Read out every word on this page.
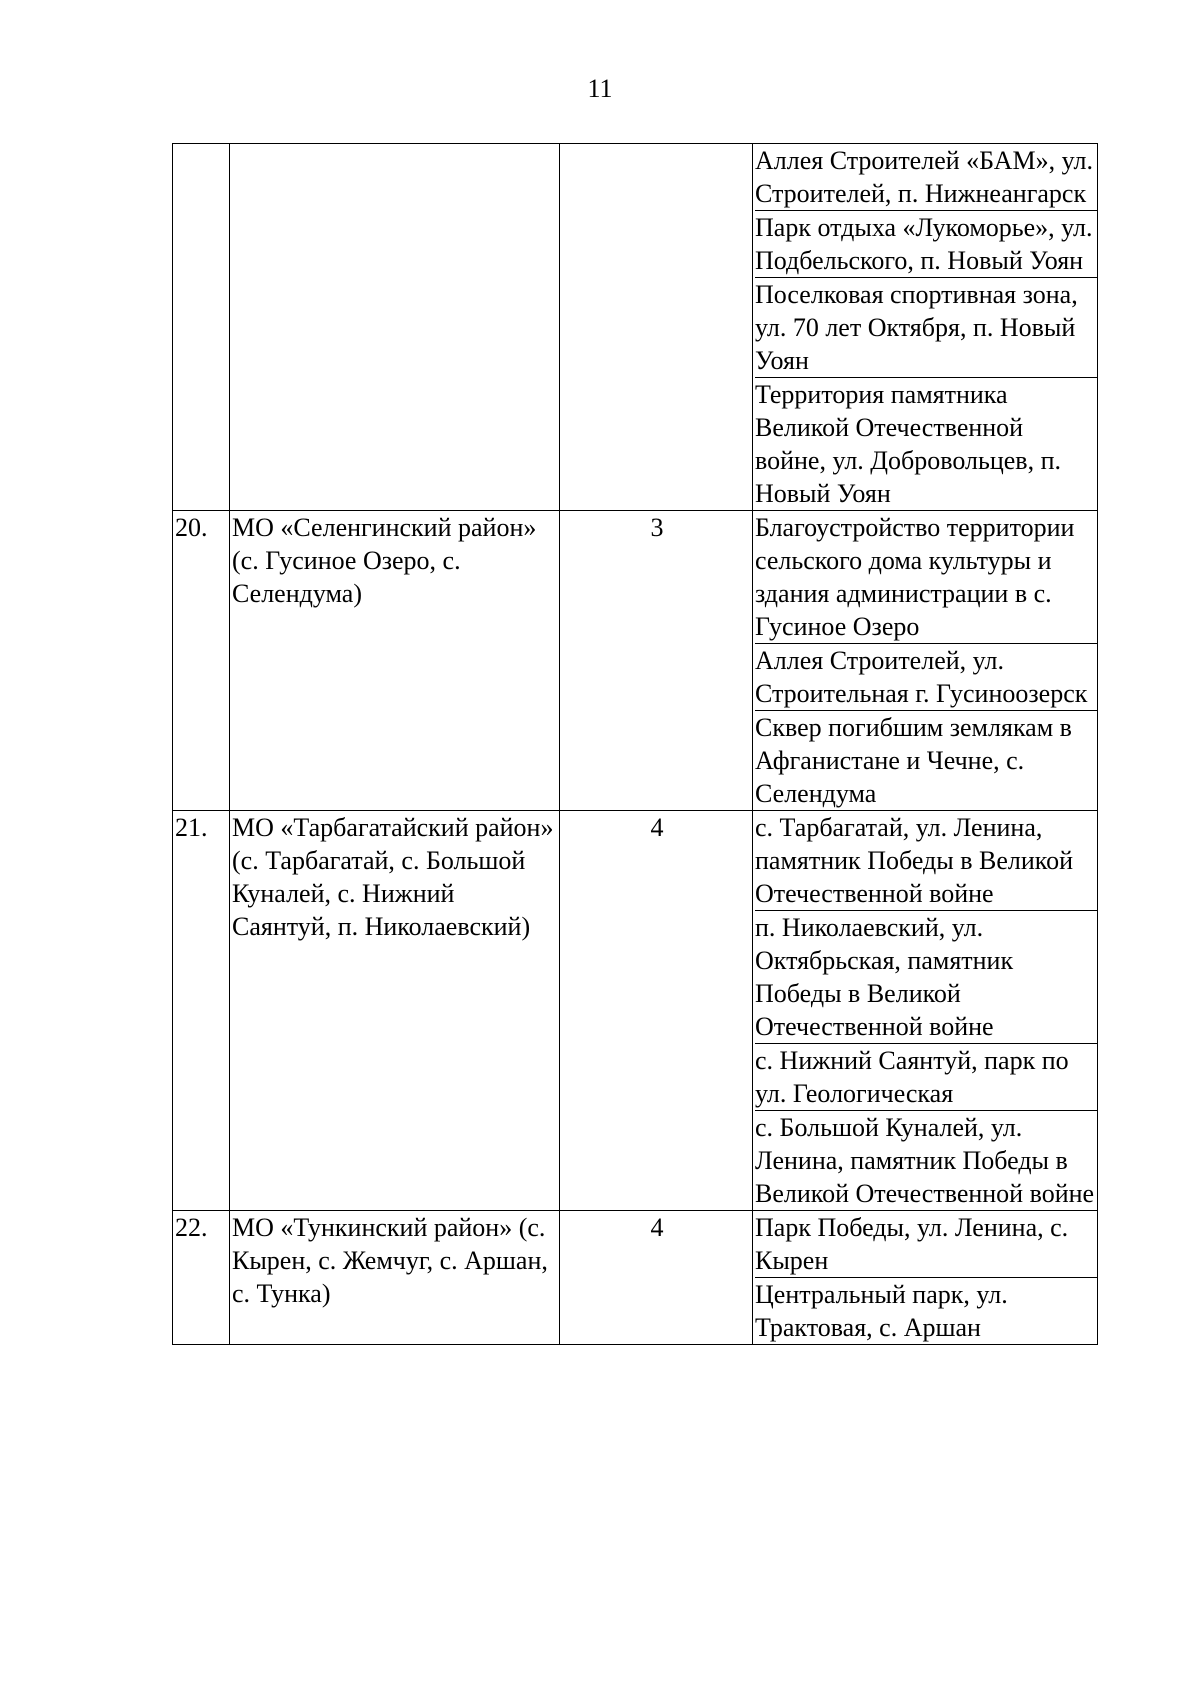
11

			Аллея Строителей «БАМ», ул. Строителей, п. Нижнеангарск
Парк отдыха «Лукоморье», ул. Подбельского, п. Новый Уоян
Поселковая спортивная зона, ул. 70 лет Октября, п. Новый Уоян
Территория памятника Великой Отечественной войне, ул. Добровольцев, п. Новый Уоян

20.	МО «Селенгинский район» (с. Гусиное Озеро, с. Селендума)	3	Благоустройство территории сельского дома культуры и здания администрации в с. Гусиное Озеро
Аллея Строителей, ул. Строительная г. Гусиноозерск
Сквер погибшим землякам в Афганистане и Чечне, с. Селендума

21.	МО «Тарбагатайский район» (с. Тарбагатай, с. Большой Куналей, с. Нижний Саянтуй, п. Николаевский)	4	с. Тарбагатай, ул. Ленина, памятник Победы в Великой Отечественной войне
п. Николаевский, ул. Октябрьская, памятник Победы в Великой Отечественной войне
с. Нижний Саянтуй, парк по ул. Геологическая
с. Большой Куналей, ул. Ленина, памятник Победы в Великой Отечественной войне

22.	МО «Тункинский район» (с. Кырен, с. Жемчуг, с. Аршан, с. Тунка)	4	Парк Победы, ул. Ленина, с. Кырен
Центральный парк, ул. Трактовая, с. Аршан
